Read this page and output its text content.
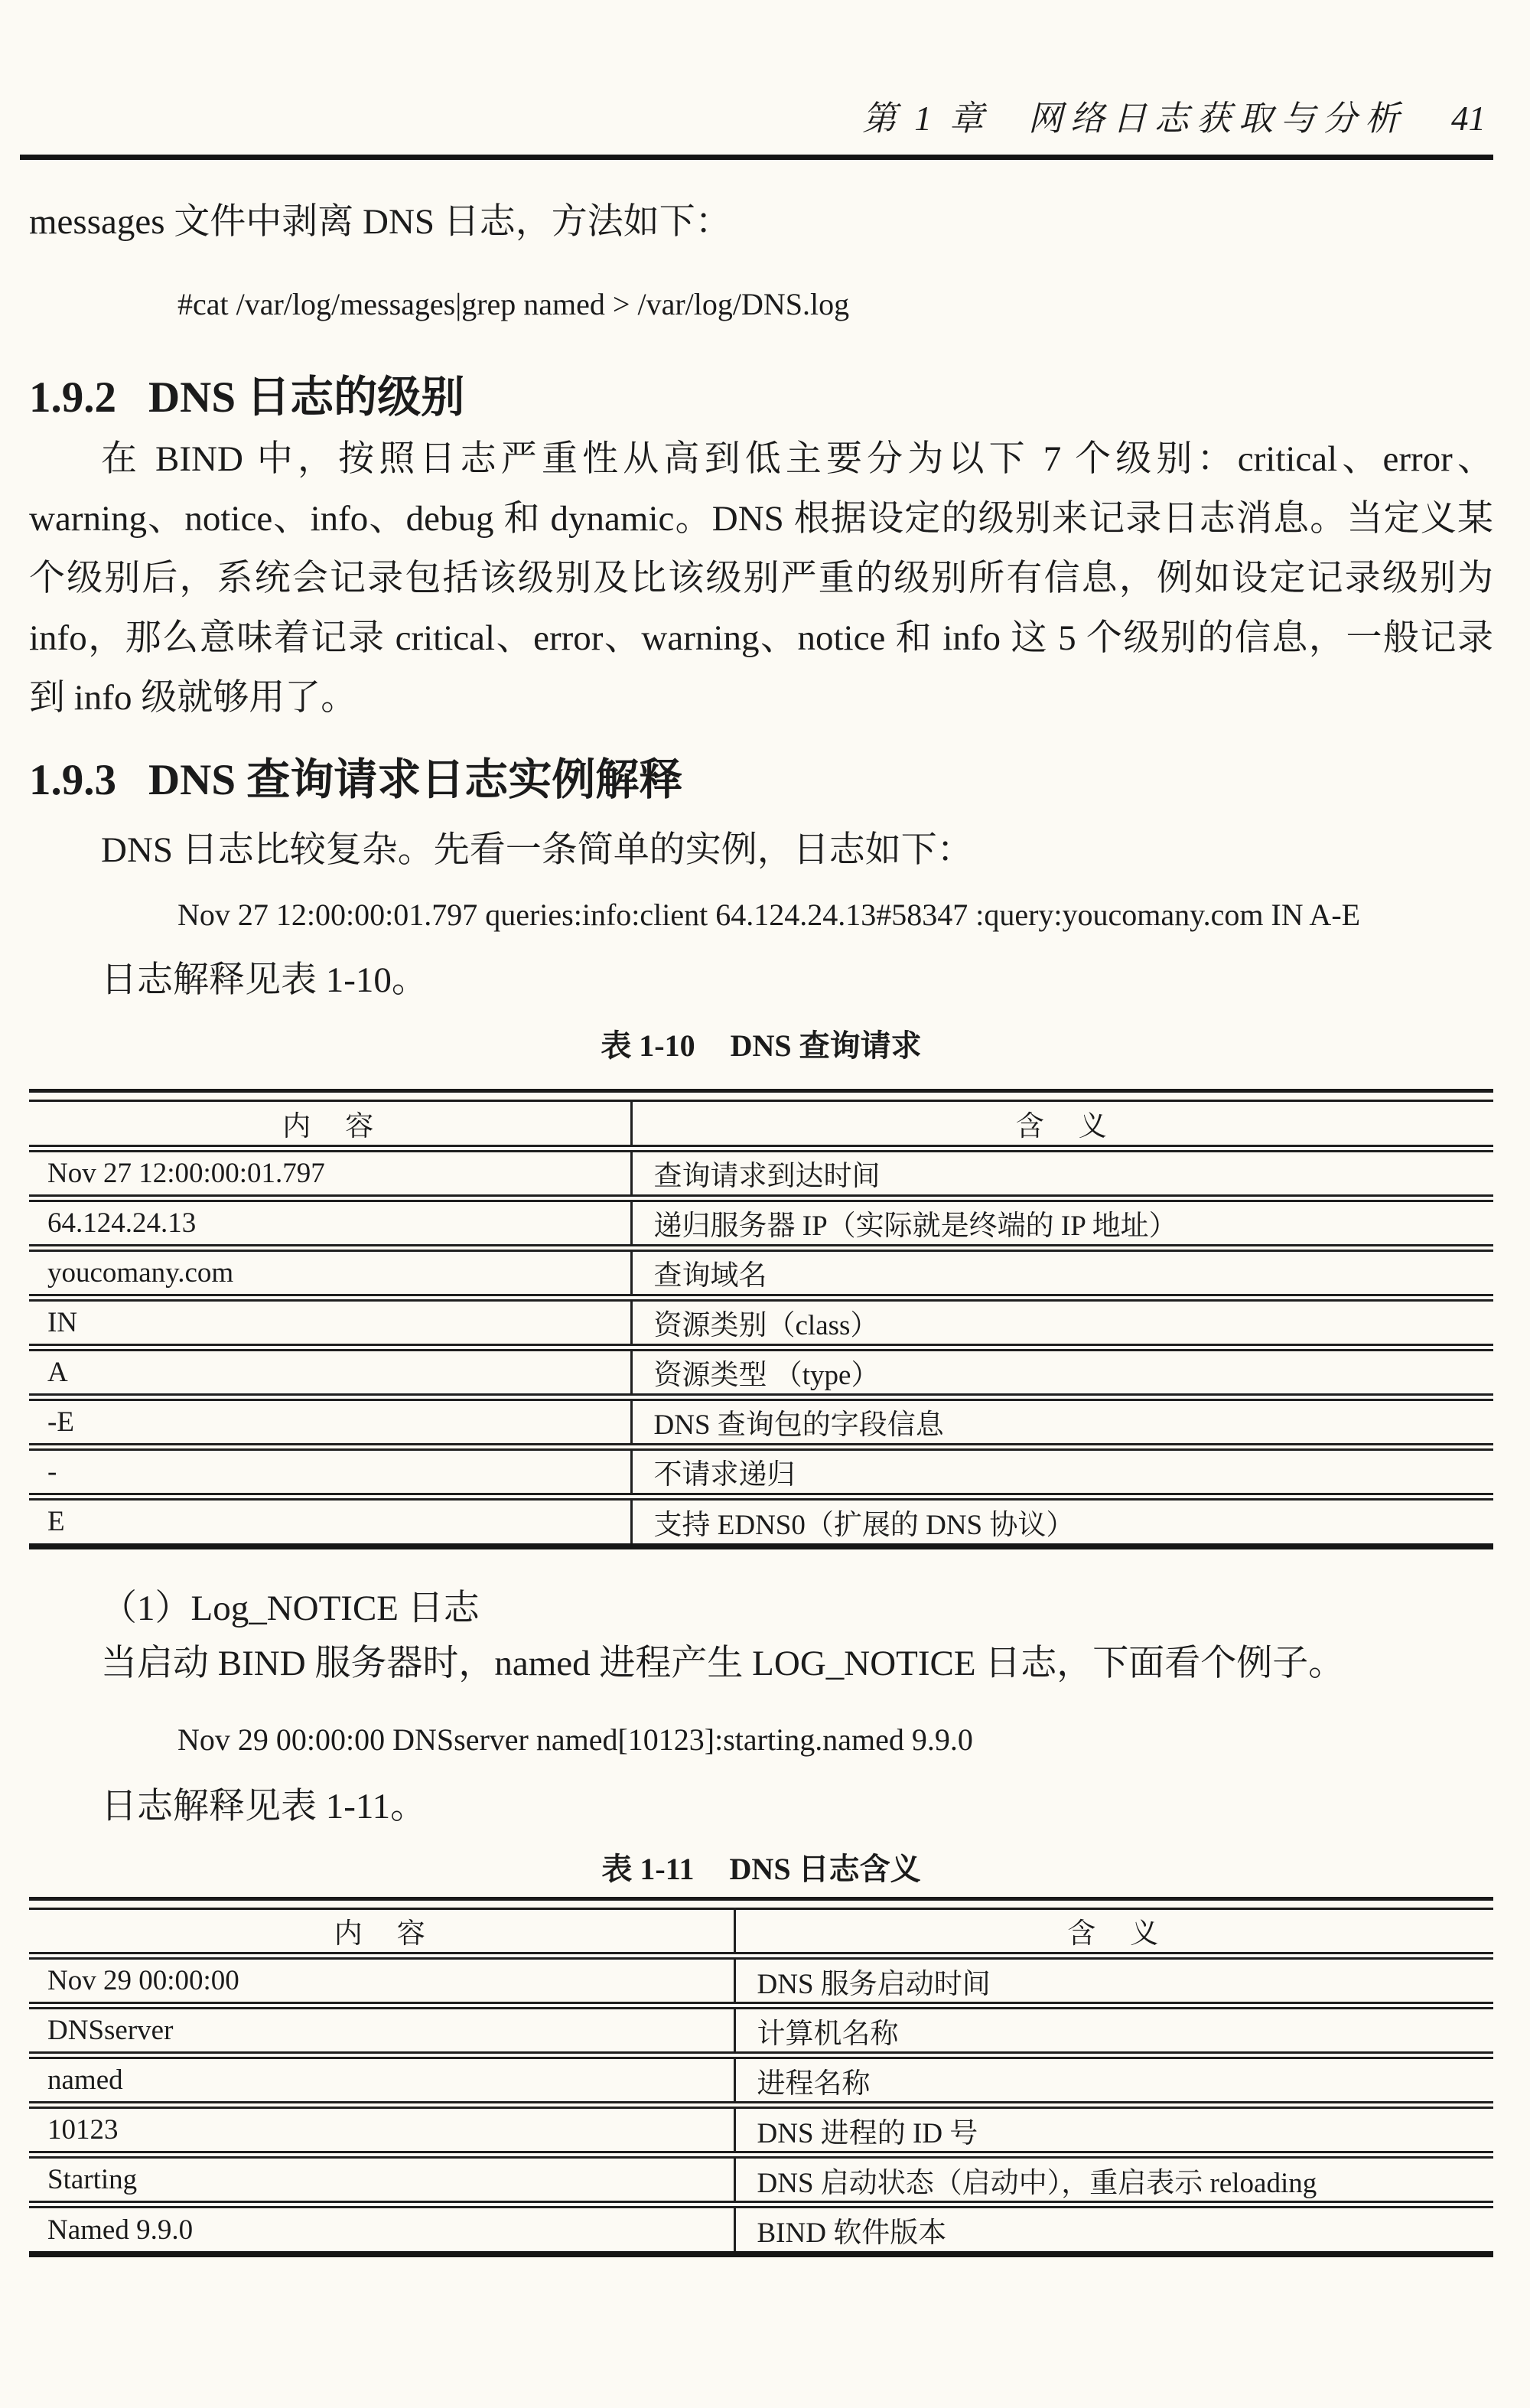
第 1 章 网络日志获取与分析 41

messages 文件中剥离 DNS 日志，方法如下：

#cat /var/log/messages|grep named > /var/log/DNS.log
1.9.2 DNS 日志的级别
在 BIND 中，按照日志严重性从高到低主要分为以下 7 个级别：critical、error、
warning、notice、info、debug 和 dynamic。DNS 根据设定的级别来记录日志消息。当定义某
个级别后，系统会记录包括该级别及比该级别严重的级别所有信息，例如设定记录级别为
info，那么意味着记录 critical、error、warning、notice 和 info 这 5 个级别的信息，一般记录
到 info 级就够用了。
1.9.3 DNS 查询请求日志实例解释

DNS 日志比较复杂。先看一条简单的实例，日志如下：

Nov 27 12:00:00:01.797 queries:info:client 64.124.24.13#58347 :query:youcomany.com IN A-E

日志解释见表 1-10。

表 1-10 DNS 查询请求
内　容	含　义
Nov 27 12:00:00:01.797	查询请求到达时间
64.124.24.13	递归服务器 IP（实际就是终端的 IP 地址）
youcomany.com	查询域名
IN	资源类别（class）
A	资源类型 （type）
-E	DNS 查询包的字段信息
-	不请求递归
E	支持 EDNS0（扩展的 DNS 协议）

（1）Log_NOTICE 日志

当启动 BIND 服务器时，named 进程产生 LOG_NOTICE 日志，下面看个例子。

Nov 29 00:00:00 DNSserver named[10123]:starting.named 9.9.0

日志解释见表 1-11。

表 1-11 DNS 日志含义
内　容	含　义
Nov 29 00:00:00	DNS 服务启动时间
DNSserver	计算机名称
named	进程名称
10123	DNS 进程的 ID 号
Starting	DNS 启动状态（启动中），重启表示 reloading
Named 9.9.0	BIND 软件版本
